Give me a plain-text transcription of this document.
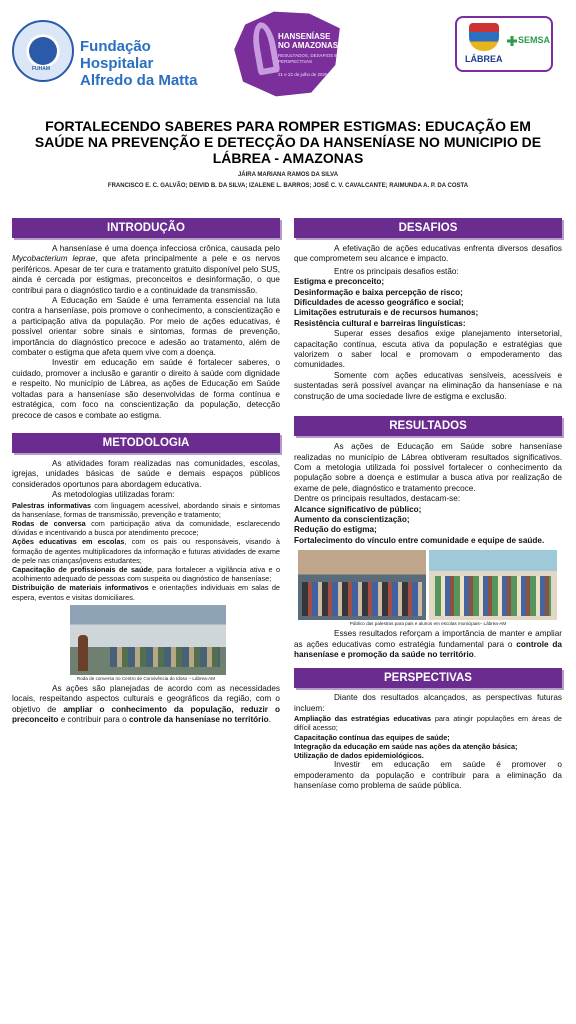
FUHAM
Fundação Hospitalar
Alfredo da Matta
HANSENÍASE
NO AMAZONAS
RESULTADOS, DESAFIOS E PERSPECTIVAS
21 e 22 de julho de 2025
LÁBREA
SEMSA
FORTALECENDO SABERES PARA ROMPER ESTIGMAS: EDUCAÇÃO EM SAÚDE NA PREVENÇÃO E DETECÇÃO DA HANSENÍASE NO MUNICIPIO DE LÁBREA - AMAZONAS
JÁIRA MARIANA RAMOS DA SILVA
FRANCISCO E. C. GALVÃO; DEIVID B. DA SILVA; IZALENE L. BARROS; JOSÉ C. V. CAVALCANTE; RAIMUNDA A. P. DA COSTA
INTRODUÇÃO

A hanseníase é uma doença infecciosa crônica, causada pelo Mycobacterium leprae, que afeta principalmente a pele e os nervos periféricos. Apesar de ter cura e tratamento gratuito disponível pelo SUS, ainda é cercada por estigmas, preconceitos e desinformação, o que contribui para o diagnóstico tardio e a continuidade da transmissão.

A Educação em Saúde é uma ferramenta essencial na luta contra a hanseníase, pois promove o conhecimento, a conscientização e a participação ativa da população. Por meio de ações educativas, é possível orientar sobre sinais e sintomas, formas de prevenção, importância do diagnóstico precoce e adesão ao tratamento, além de combater o estigma que afeta quem vive com a doença.

Investir em educação em saúde é fortalecer saberes, o cuidado, promover a inclusão e garantir o direito à saúde com dignidade e respeito. No município de Lábrea, as ações de Educação em Saúde voltadas para a hanseníase são desenvolvidas de forma contínua e estratégica, com foco na conscientização da população, detecção precoce de casos e combate ao estigma.

METODOLOGIA

As atividades foram realizadas nas comunidades, escolas, igrejas, unidades básicas de saúde e demais espaços públicos considerados oportunos para abordagem educativa.

As metodologias utilizadas foram:

Palestras informativas com linguagem acessível, abordando sinais e sintomas da hanseníase, formas de transmissão, prevenção e tratamento;

Rodas de conversa com participação ativa da comunidade, esclarecendo dúvidas e incentivando a busca por atendimento precoce;

Ações educativas em escolas, com os pais ou responsáveis, visando à formação de agentes multiplicadores da informação e futuras atividades de exame de pele nas crianças/jovens estudantes;

Capacitação de profissionais de saúde, para fortalecer a vigilância ativa e o acolhimento adequado de pessoas com suspeita ou diagnóstico de hanseníase;

Distribuição de materiais informativos e orientações individuais em salas de espera, eventos e visitas domiciliares.

Roda de conversa no Centro de Convivência do Idoso – Lábrea-AM

As ações são planejadas de acordo com as necessidades locais, respeitando aspectos culturais e geográficos da região, com o objetivo de ampliar o conhecimento da população, reduzir o preconceito e contribuir para o controle da hanseníase no território.

DESAFIOS

A efetivação de ações educativas enfrenta diversos desafios que comprometem seu alcance e impacto.

Entre os principais desafios estão:

Estigma e preconceito;

Desinformação e baixa percepção de risco;

Dificuldades de acesso geográfico e social;

Limitações estruturais e de recursos humanos;

Resistência cultural e barreiras linguísticas:

Superar esses desafios exige planejamento intersetorial, capacitação contínua, escuta ativa da população e estratégias que valorizem o saber local e promovam o empoderamento das comunidades.

Somente com ações educativas sensíveis, acessíveis e sustentadas será possível avançar na eliminação da hanseníase e na construção de uma sociedade livre de estigma e exclusão.

RESULTADOS

As ações de Educação em Saúde sobre hanseníase realizadas no município de Lábrea obtiveram resultados significativos. Com a metologia utilizada foi possível fortalecer o conhecimento da população sobre a doença e estimular a busca ativa por realização de exame de pele, diagnóstico e tratamento precoce.

Dentre os principais resultados, destacam-se:

Alcance significativo de público;

Aumento da conscientização;

Redução do estigma;

Fortalecimento do vínculo entre comunidade e equipe de saúde.

Público das palestras para pais e alunos em escolas municipais– Lábrea-AM

Esses resultados reforçam a importância de manter e ampliar as ações educativas como estratégia fundamental para o controle da hanseníase e promoção da saúde no território.

PERSPECTIVAS

Diante dos resultados alcançados, as perspectivas futuras incluem:

Ampliação das estratégias educativas para atingir populações em áreas de difícil acesso;

Capacitação contínua das equipes de saúde;

Integração da educação em saúde nas ações da atenção básica;

Utilização de dados epidemiológicos.

Investir em educação em saúde é promover o empoderamento da população e contribuir para a eliminação da hanseníase como problema de saúde pública.
